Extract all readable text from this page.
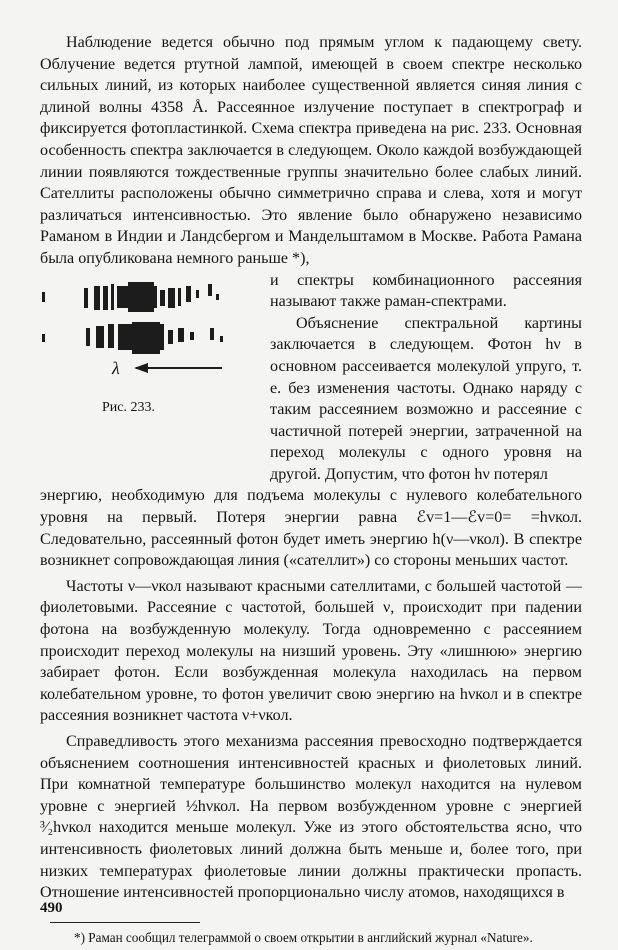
Наблюдение ведется обычно под прямым углом к падающему свету. Облучение ведется ртутной лампой, имеющей в своем спектре несколько сильных линий, из которых наиболее существенной является синяя линия с длиной волны 4358 Å. Рассеянное излучение поступает в спектрограф и фиксируется фотопластинкой. Схема спектра приведена на рис. 233. Основная особенность спектра заключается в следующем. Около каждой возбуждающей линии появляются тождественные группы значительно более слабых линий. Сателлиты расположены обычно симметрично справа и слева, хотя и могут различаться интенсивностью. Это явление было обнаружено независимо Раманом в Индии и Ландсбергом и Мандельштамом в Москве. Работа Рамана была опубликована немного раньше *),

λ
Рис. 233.

и спектры комбинационного рассеяния называют также раман-спектрами.

Объяснение спектральной картины заключается в следующем. Фотон hν в основном рассеивается молекулой упруго, т. е. без изменения частоты. Однако наряду с таким рассеянием возможно и рассеяние с частичной потерей энергии, затраченной на переход молекулы с одного уровня на другой. Допустим, что фотон hν потерял

энергию, необходимую для подъема молекулы с нулевого колебательного уровня на первый. Потеря энергии равна ℰv=1—ℰv=0= =hνкол. Следовательно, рассеянный фотон будет иметь энергию h(ν—νкол). В спектре возникнет сопровождающая линия («сателлит») со стороны меньших частот.

Частоты ν—νкол называют красными сателлитами, с большей частотой — фиолетовыми. Рассеяние с частотой, большей ν, происходит при падении фотона на возбужденную молекулу. Тогда одновременно с рассеянием происходит переход молекулы на низший уровень. Эту «лишнюю» энергию забирает фотон. Если возбужденная молекула находилась на первом колебательном уровне, то фотон увеличит свою энергию на hνкол и в спектре рассеяния возникнет частота ν+νкол.

Справедливость этого механизма рассеяния превосходно подтверждается объяснением соотношения интенсивностей красных и фиолетовых линий. При комнатной температуре большинство молекул находится на нулевом уровне с энергией ½hνкол. На первом возбужденном уровне с энергией ³⁄₂hνкол находится меньше молекул. Уже из этого обстоятельства ясно, что интенсивность фиолетовых линий должна быть меньше и, более того, при низких температурах фиолетовые линии должны практически пропасть. Отношение интенсивностей пропорционально числу атомов, находящихся в

*) Раман сообщил телеграммой о своем открытии в английский журнал «Nature».

490
